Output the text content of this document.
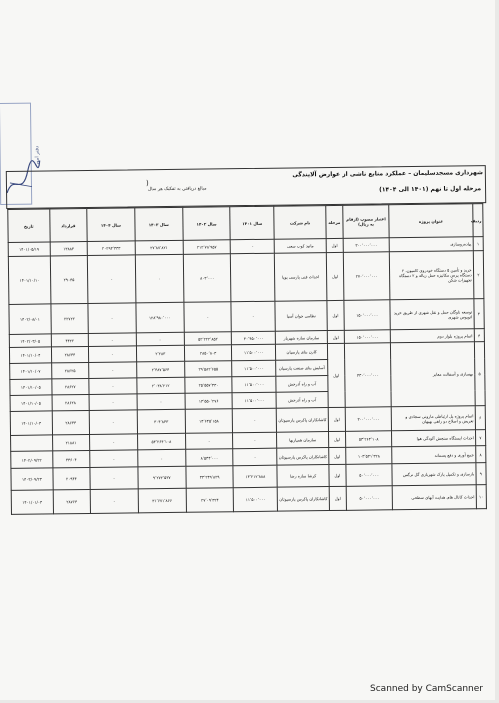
دفتر امور
شهرداری مسجدسلیمان – عملکرد منابع ناشی از عوارض آلایندگی
مرحله اول تا نهم (۱۴۰۱ الی ۱۴۰۴)
مبالغ دریافتی به تفکیک هر سال
)
ردیف	عنوان پروژه	اعتبار مصوب (ارقام به ریال)	مرحله	نام شرکت	سال ۱۴۰۱	سال ۱۴۰۲	سال ۱۴۰۳	سال ۱۴۰۴	قرارداد	تاریخ
۱	پیاده‌روسازی	۳۰۰٬۰۰۰٬۰۰۰	اول	مانید کوب سعی	-	۲۱۲٬۷۸٬۹۵۷	۲۷٬۸۷٬۸۲۱	۲۰۲۹۳٬۴۳۳	۱۳۸۸۴	۱۴۰۱/۰۵/۱۹
۲	خرید و تأمین ۵ دستگاه خودروی کامیون، ۲ دستگاه پرس مکانیزه حمل زباله و ۲ دستگاه تجهیزات شکن	۲۷۰٬۰۰۰٬۰۰۰	اول	احداث فنی پارسی پویا		۸۰۳٬۰۰۰	۰	-	۲۹۰۴۵	۱۴۰۱/۱۰/۱۰
۳	توسعه ناوگان حمل و نقل شهری از طریق خرید اتوبوس شهری	۱۵۰٬۰۰۰٬۰۰۰	اول	نظامی جوان آسیا	-	-	۱۲۸٬۹۸۰٬۰۰۰	-	۲۲۷۲۲	۱۴۰۲/۰۸/۰۱
۴	اتمام پروژه بلوار دوم	۱۵۰٬۰۰۰٬۰۰۰	اول	سازمان سازه شهریار	۳۰٬۴۵۰٬۰۰۰	۵۲٬۲۲۲٬۸۵۲	-	-	۴۴۲۲	۱۴۰۲/۰۳/۰۵
۵	بهسازی و آسفالت معابر	۴۳۰٬۰۰۰٬۰۰۰	اول	کارن بنای پارسیان	۱۱٬۵۰۰٬۰۰۰	۲۸۵۰٬۸۰۳	۲٬۲۸۳	-	۲۸۶۳۴	۱۴۰۱/۱۰/۰۴
				آسایش بنای صنعت پارسیان	۱۱٬۵۰۰٬۰۰۰	۲۹٬۵۸۲٬۶۵۵	۲٬۴۸۷٬۵۶۴	-	۲۸۶۲۵	۱۴۰۱/۱۰/۰۷
				آب و راه آذرخش	۱۱٬۵۰۰٬۰۰۰	۲۵٬۵۵۷٬۳۳۰	۲٬۰۳۸٬۲۱۲	-	۲۸۶۲۷	۱۴۰۱/۱۰/۰۵
				آب و راه آذرخش	۱۱٬۵۰۰٬۰۰۰	۱۴٬۵۵۰٬۲۷۶	-	-	۲۸۶۲۸	۱۴۰۱/۱۰/۰۵
۶	اتمام پروژه پل ارتباطی مارونی سجادی و تعریض و اصلاح دو راهی بهبهان	۳۰۰٬۰۰۰٬۰۰۰	اول	کاشانکاران پاکرس پارسیوتان	-	۱۴٬۶۴۵٬۱۵۸	۳۰۴٬۸۴۳	-	۲۸۶۳۳	۱۴۰۱/۱۰/۰۴
۷	احداث ایستگاه سنجش آلودگی هوا	۵۳٬۲۶۴٬۱۰۸	اول	سازمان همیاریها	-	-	۵۳٬۲۶۴٬۱۰۸	-	۲۱۸۸۱	
۸	جمع آوری و دفع پسماند	۱۰۳٬۵۴۱٬۳۲۸	اول	کاشانکاران پاکرس پارسیوتان	-	۸٬۵۴۴٬۰۰۰	-	-	۳۳۶۰۴	۱۴۰۲/۰۹/۲۲
۹	بازسازی و تکمیل پارک شهربازی گل نرگس	۵۰٬۰۰۰٬۰۰۰	اول	کرشا سازه رضا	۱۳٬۲۱۲٬۸۸۸	۳۳٬۲۴۹٬۸۲۹	۹٬۲۷۲٬۵۳۷	-	۲۰۹۴۴	۱۴۰۳/۰۹/۲۳
۱۰	احداث کانال های هدایت آبهای سطحی	۵۰٬۰۰۰٬۰۰۰	اول	کاشانکاران پاکرس پارسیوتان	۱۱٬۵۰۰٬۰۰۰	۲۷٬۰۹٬۳۲۴	۳۱٬۶۷۱٬۸۶۶	-	۲۸۷۶۳	۱۴۰۱/۰۱/۰۴
Scanned by CamScanner
